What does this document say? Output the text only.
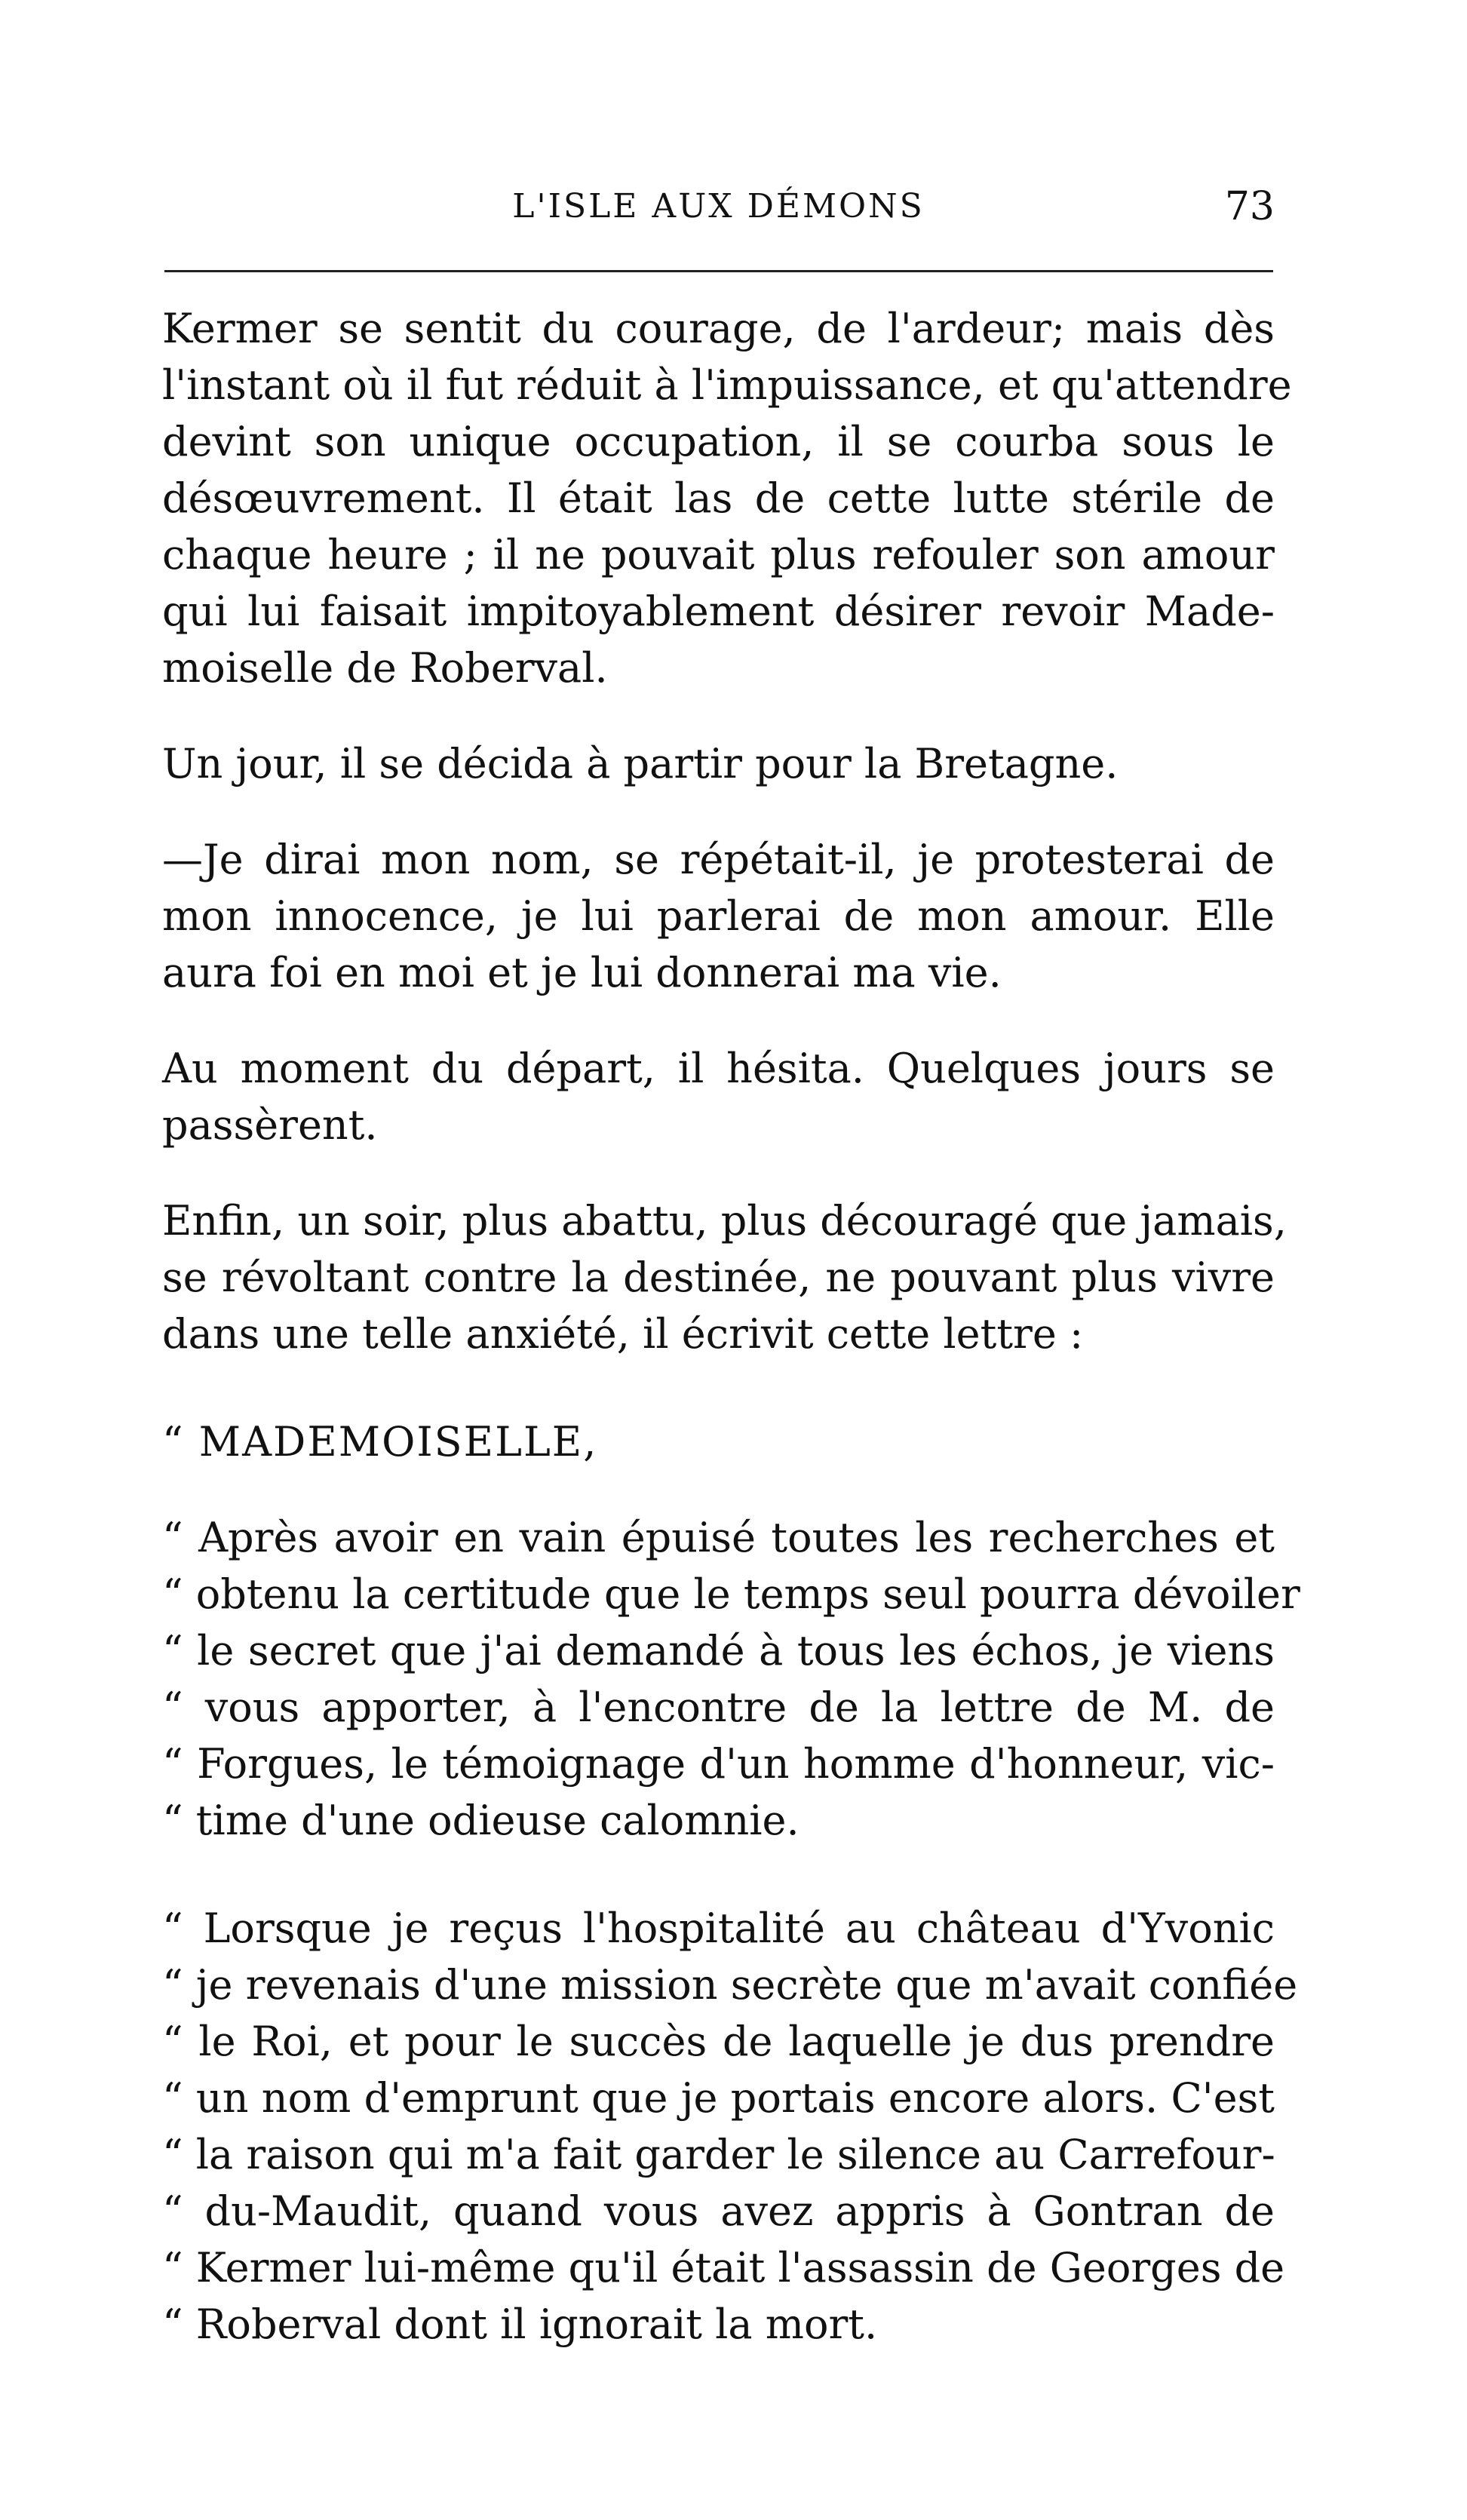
L'ISLE AUX DÉMONS	73

Kermer se sentit du courage, de l'ardeur; mais dès
l'instant où il fut réduit à l'impuissance, et qu'attendre
devint son unique occupation, il se courba sous le
désœuvrement. Il était las de cette lutte stérile de
chaque heure ; il ne pouvait plus refouler son amour
qui lui faisait impitoyablement désirer revoir Made-
moiselle de Roberval.

Un jour, il se décida à partir pour la Bretagne.

—Je dirai mon nom, se répétait-il, je protesterai de
mon innocence, je lui parlerai de mon amour. Elle
aura foi en moi et je lui donnerai ma vie.

Au moment du départ, il hésita. Quelques jours se
passèrent.

Enfin, un soir, plus abattu, plus découragé que jamais,
se révoltant contre la destinée, ne pouvant plus vivre
dans une telle anxiété, il écrivit cette lettre :

“ MADEMOISELLE,

“ Après avoir en vain épuisé toutes les recherches et
“ obtenu la certitude que le temps seul pourra dévoiler
“ le secret que j'ai demandé à tous les échos, je viens
“ vous apporter, à l'encontre de la lettre de M. de
“ Forgues, le témoignage d'un homme d'honneur, vic-
“ time d'une odieuse calomnie.

“ Lorsque je reçus l'hospitalité au château d'Yvonic
“ je revenais d'une mission secrète que m'avait confiée
“ le Roi, et pour le succès de laquelle je dus prendre
“ un nom d'emprunt que je portais encore alors. C'est
“ la raison qui m'a fait garder le silence au Carrefour-
“ du-Maudit, quand vous avez appris à Gontran de
“ Kermer lui-même qu'il était l'assassin de Georges de
“ Roberval dont il ignorait la mort.
